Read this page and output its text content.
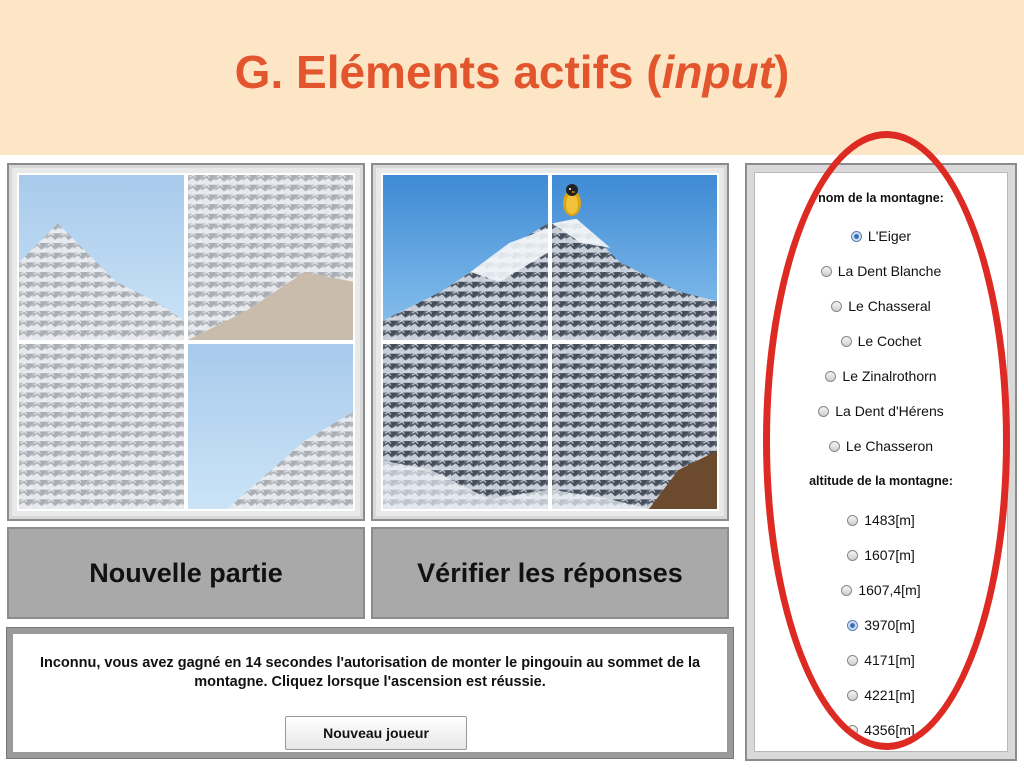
G. Eléments actifs (input)
Nouvelle partie	Vérifier les réponses
Inconnu, vous avez gagné en 14 secondes l'autorisation de monter le pingouin au sommet de la montagne. Cliquez lorsque l'ascension est réussie.
Nouveau joueur

nom de la montagne:

L'Eiger
La Dent Blanche
Le Chasseral
Le Cochet
Le Zinalrothorn
La Dent d'Hérens
Le Chasseron

altitude de la montagne:

1483[m]
1607[m]
1607,4[m]
3970[m]
4171[m]
4221[m]
4356[m]
